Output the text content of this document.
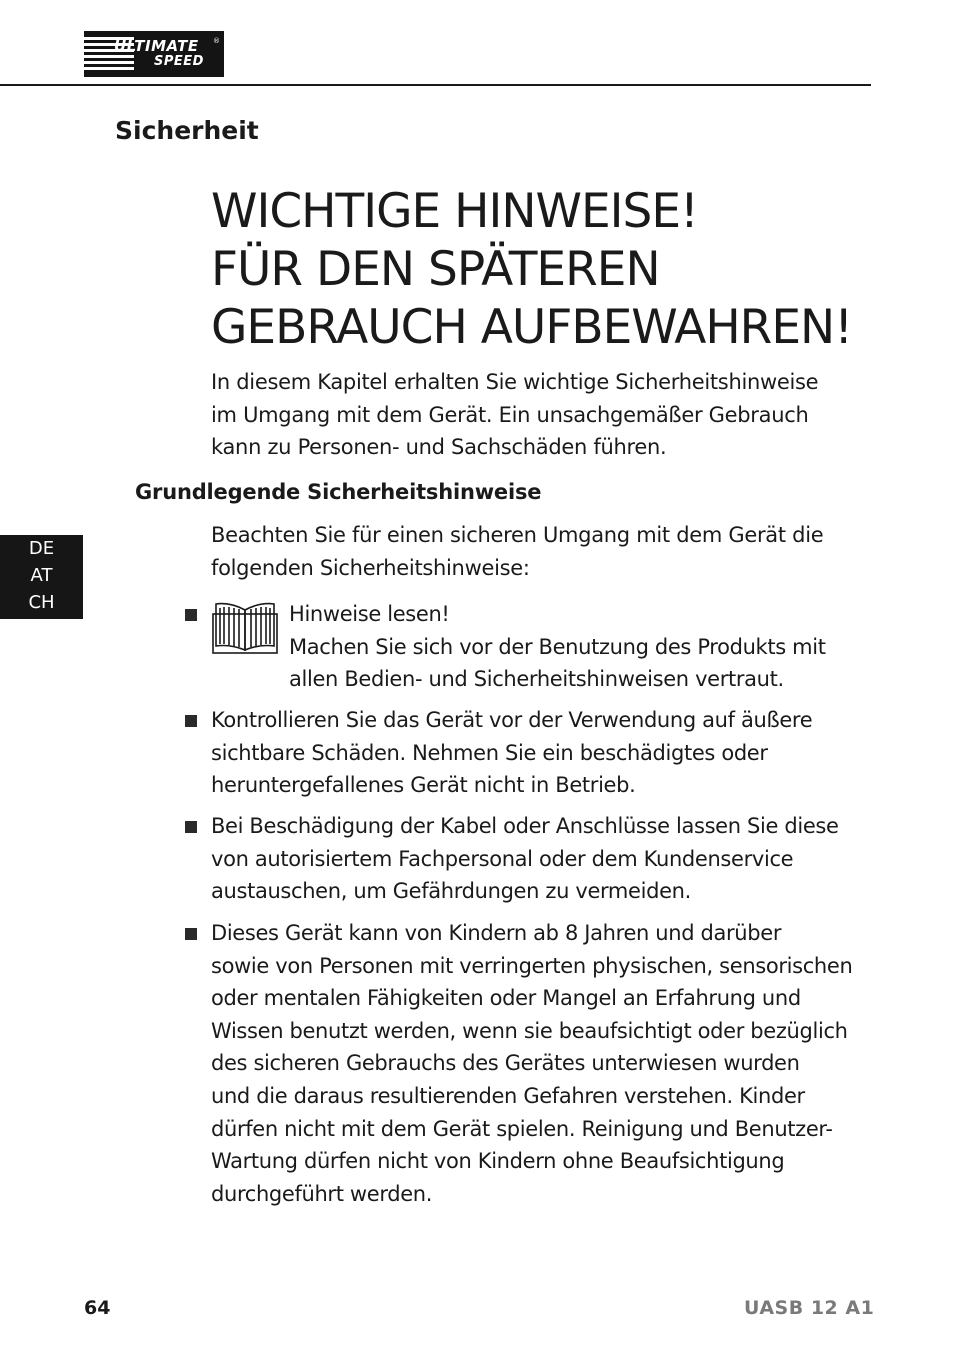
ULTIMATE
SPEED
®
Sicherheit
WICHTIGE HINWEISE!
FÜR DEN SPÄTEREN
GEBRAUCH AUFBEWAHREN!

In diesem Kapitel erhalten Sie wichtige Sicherheitshinweise
im Umgang mit dem Gerät. Ein unsachgemäßer Gebrauch
kann zu Personen- und Sachschäden führen.

Grundlegende Sicherheitshinweise

Beachten Sie für einen sicheren Umgang mit dem Gerät die
folgenden Sicherheitshinweise:

Hinweise lesen!
Machen Sie sich vor der Benutzung des Produkts mit
allen Bedien- und Sicherheitshinweisen vertraut.

Kontrollieren Sie das Gerät vor der Verwendung auf äußere
sichtbare Schäden. Nehmen Sie ein beschädigtes oder
heruntergefallenes Gerät nicht in Betrieb.

Bei Beschädigung der Kabel oder Anschlüsse lassen Sie diese
von autorisiertem Fachpersonal oder dem Kundenservice
austauschen, um Gefährdungen zu vermeiden.

Dieses Gerät kann von Kindern ab 8 Jahren und darüber
sowie von Personen mit verringerten physischen, sensorischen
oder mentalen Fähigkeiten oder Mangel an Erfahrung und
Wissen benutzt werden, wenn sie beaufsichtigt oder bezüglich
des sicheren Gebrauchs des Gerätes unterwiesen wurden
und die daraus resultierenden Gefahren verstehen. Kinder
dürfen nicht mit dem Gerät spielen. Reinigung und Benutzer-
Wartung dürfen nicht von Kindern ohne Beaufsichtigung
durchgeführt werden.

DE
AT
CH
64	UASB 12 A1
